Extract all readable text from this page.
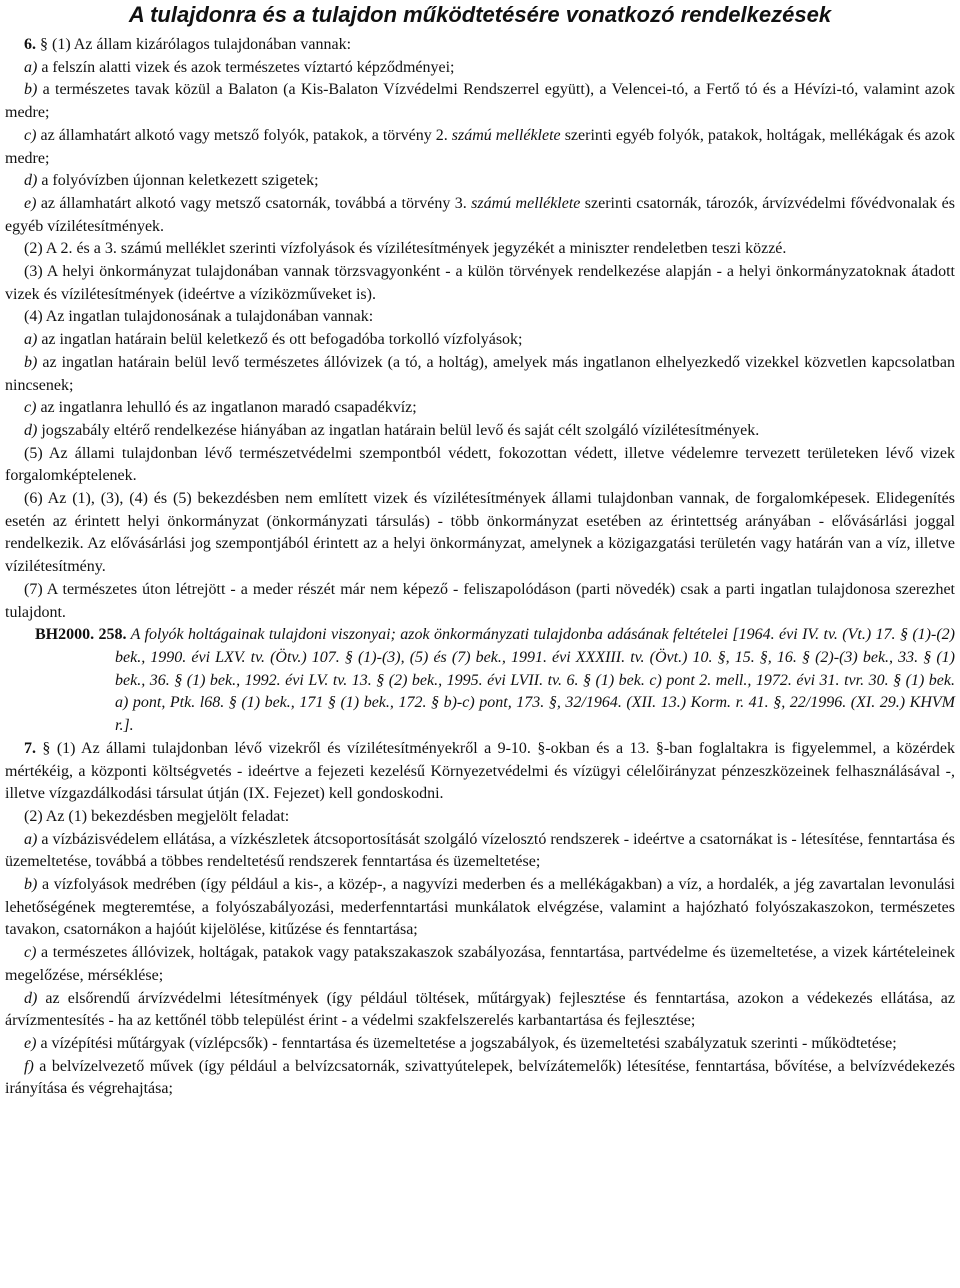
A tulajdonra és a tulajdon működtetésére vonatkozó rendelkezések

6. § (1) Az állam kizárólagos tulajdonában vannak:

a) a felszín alatti vizek és azok természetes víztartó képződményei;

b) a természetes tavak közül a Balaton (a Kis-Balaton Vízvédelmi Rendszerrel együtt), a Velencei-tó, a Fertő tó és a Hévízi-tó, valamint azok medre;

c) az államhatárt alkotó vagy metsző folyók, patakok, a törvény 2. számú melléklete szerinti egyéb folyók, patakok, holtágak, mellékágak és azok medre;

d) a folyóvízben újonnan keletkezett szigetek;

e) az államhatárt alkotó vagy metsző csatornák, továbbá a törvény 3. számú melléklete szerinti csatornák, tározók, árvízvédelmi fővédvonalak és egyéb vízilétesítmények.

(2) A 2. és a 3. számú melléklet szerinti vízfolyások és vízilétesítmények jegyzékét a miniszter rendeletben teszi közzé.

(3) A helyi önkormányzat tulajdonában vannak törzsvagyonként - a külön törvények rendelkezése alapján - a helyi önkormányzatoknak átadott vizek és vízilétesítmények (ideértve a víziközműveket is).

(4) Az ingatlan tulajdonosának a tulajdonában vannak:

a) az ingatlan határain belül keletkező és ott befogadóba torkolló vízfolyások;

b) az ingatlan határain belül levő természetes állóvizek (a tó, a holtág), amelyek más ingatlanon elhelyezkedő vizekkel közvetlen kapcsolatban nincsenek;

c) az ingatlanra lehulló és az ingatlanon maradó csapadékvíz;

d) jogszabály eltérő rendelkezése hiányában az ingatlan határain belül levő és saját célt szolgáló vízilétesítmények.

(5) Az állami tulajdonban lévő természetvédelmi szempontból védett, fokozottan védett, illetve védelemre tervezett területeken lévő vizek forgalomképtelenek.

(6) Az (1), (3), (4) és (5) bekezdésben nem említett vizek és vízilétesítmények állami tulajdonban vannak, de forgalomképesek. Elidegenítés esetén az érintett helyi önkormányzat (önkormányzati társulás) - több önkormányzat esetében az érintettség arányában - elővásárlási joggal rendelkezik. Az elővásárlási jog szempontjából érintett az a helyi önkormányzat, amelynek a közigazgatási területén vagy határán van a víz, illetve vízilétesítmény.

(7) A természetes úton létrejött - a meder részét már nem képező - feliszapolódáson (parti növedék) csak a parti ingatlan tulajdonosa szerezhet tulajdont.

BH2000. 258. A folyók holtágainak tulajdoni viszonyai; azok önkormányzati tulajdonba adásának feltételei [1964. évi IV. tv. (Vt.) 17. § (1)-(2) bek., 1990. évi LXV. tv. (Ötv.) 107. § (1)-(3), (5) és (7) bek., 1991. évi XXXIII. tv. (Övt.) 10. §, 15. §, 16. § (2)-(3) bek., 33. § (1) bek., 36. § (1) bek., 1992. évi LV. tv. 13. § (2) bek., 1995. évi LVII. tv. 6. § (1) bek. c) pont 2. mell., 1972. évi 31. tvr. 30. § (1) bek. a) pont, Ptk. l68. § (1) bek., 171 § (1) bek., 172. § b)-c) pont, 173. §, 32/1964. (XII. 13.) Korm. r. 41. §, 22/1996. (XI. 29.) KHVM r.].

7. § (1) Az állami tulajdonban lévő vizekről és vízilétesítményekről a 9-10. §-okban és a 13. §-ban foglaltakra is figyelemmel, a közérdek mértékéig, a központi költségvetés - ideértve a fejezeti kezelésű Környezetvédelmi és vízügyi célelőirányzat pénzeszközeinek felhasználásával -, illetve vízgazdálkodási társulat útján (IX. Fejezet) kell gondoskodni.

(2) Az (1) bekezdésben megjelölt feladat:

a) a vízbázisvédelem ellátása, a vízkészletek átcsoportosítását szolgáló vízelosztó rendszerek - ideértve a csatornákat is - létesítése, fenntartása és üzemeltetése, továbbá a többes rendeltetésű rendszerek fenntartása és üzemeltetése;

b) a vízfolyások medrében (így például a kis-, a közép-, a nagyvízi mederben és a mellékágakban) a víz, a hordalék, a jég zavartalan levonulási lehetőségének megteremtése, a folyószabályozási, mederfenntartási munkálatok elvégzése, valamint a hajózható folyószakaszokon, természetes tavakon, csatornákon a hajóút kijelölése, kitűzése és fenntartása;

c) a természetes állóvizek, holtágak, patakok vagy patakszakaszok szabályozása, fenntartása, partvédelme és üzemeltetése, a vizek kártételeinek megelőzése, mérséklése;

d) az elsőrendű árvízvédelmi létesítmények (így például töltések, műtárgyak) fejlesztése és fenntartása, azokon a védekezés ellátása, az árvízmentesítés - ha az kettőnél több települést érint - a védelmi szakfelszerelés karbantartása és fejlesztése;

e) a vízépítési műtárgyak (vízlépcsők) - fenntartása és üzemeltetése a jogszabályok, és üzemeltetési szabályzatuk szerinti - működtetése;

f) a belvízelvezető művek (így például a belvízcsatornák, szivattyútelepek, belvízátemelők) létesítése, fenntartása, bővítése, a belvízvédekezés irányítása és végrehajtása;
